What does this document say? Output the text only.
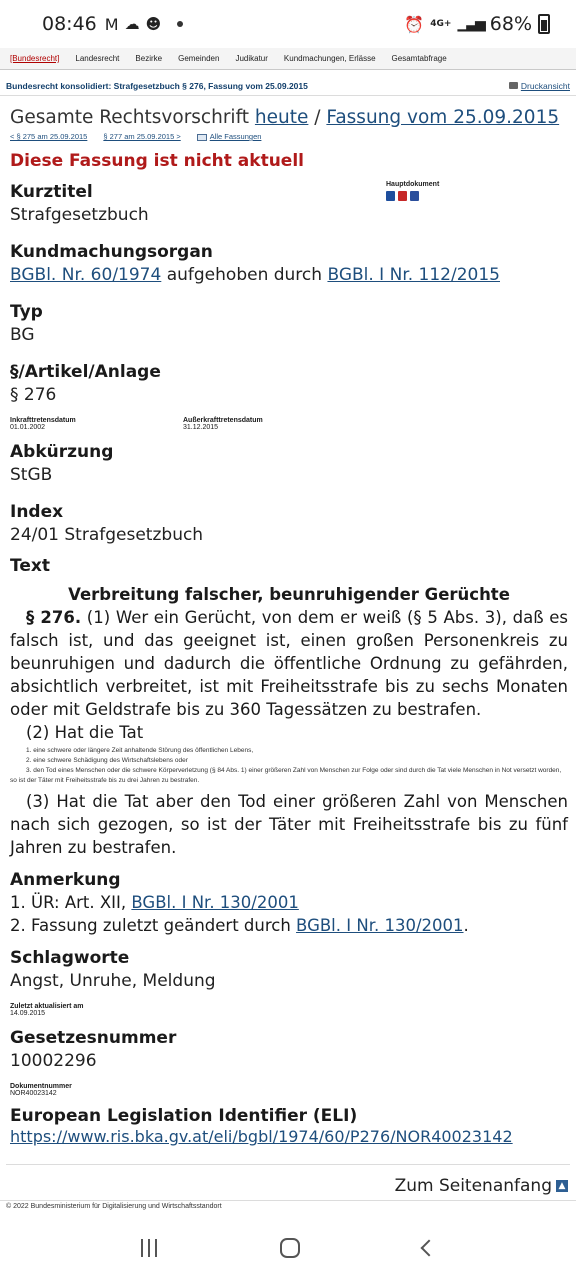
08:46 M ☁ ☻	⏰ 4G+ ▁▃▅ 68%
[Bundesrecht]	Landesrecht	Bezirke	Gemeinden	Judikatur	Kundmachungen, Erlässe	Gesamtabfrage
Bundesrecht konsolidiert: Strafgesetzbuch § 276, Fassung vom 25.09.2015	Druckansicht
Gesamte Rechtsvorschrift heute / Fassung vom 25.09.2015
< § 275 am 25.09.2015 § 277 am 25.09.2015 >	Alle Fassungen
Diese Fassung ist nicht aktuell
Kurztitel
Strafgesetzbuch
Hauptdokument
Kundmachungsorgan
BGBl. Nr. 60/1974 aufgehoben durch BGBl. I Nr. 112/2015
Typ
BG
§/Artikel/Anlage
§ 276
Inkrafttretensdatum
01.01.2002
Außerkrafttretensdatum
31.12.2015
Abkürzung
StGB
Index
24/01 Strafgesetzbuch
Text
Verbreitung falscher, beunruhigender Gerüchte
§ 276. (1) Wer ein Gerücht, von dem er weiß (§ 5 Abs. 3), daß es falsch ist, und das geeignet ist, einen großen Personenkreis zu beunruhigen und dadurch die öffentliche Ordnung zu gefährden, absichtlich verbreitet, ist mit Freiheitsstrafe bis zu sechs Monaten oder mit Geldstrafe bis zu 360 Tagessätzen zu bestrafen.
(2) Hat die Tat
1. eine schwere oder längere Zeit anhaltende Störung des öffentlichen Lebens,
2. eine schwere Schädigung des Wirtschaftslebens oder
3. den Tod eines Menschen oder die schwere Körperverletzung (§ 84 Abs. 1) einer größeren Zahl von Menschen zur Folge oder sind durch die Tat viele Menschen in Not versetzt worden,
so ist der Täter mit Freiheitsstrafe bis zu drei Jahren zu bestrafen.
(3) Hat die Tat aber den Tod einer größeren Zahl von Menschen nach sich gezogen, so ist der Täter mit Freiheitsstrafe bis zu fünf Jahren zu bestrafen.
Anmerkung
1. ÜR: Art. XII, BGBl. I Nr. 130/2001
2. Fassung zuletzt geändert durch BGBl. I Nr. 130/2001.
Schlagworte
Angst, Unruhe, Meldung
Zuletzt aktualisiert am
14.09.2015
Gesetzesnummer
10002296
Dokumentnummer
NOR40023142
European Legislation Identifier (ELI)
https://www.ris.bka.gv.at/eli/bgbl/1974/60/P276/NOR40023142
Zum Seitenanfang ▲
© 2022 Bundesministerium für Digitalisierung und Wirtschaftsstandort
